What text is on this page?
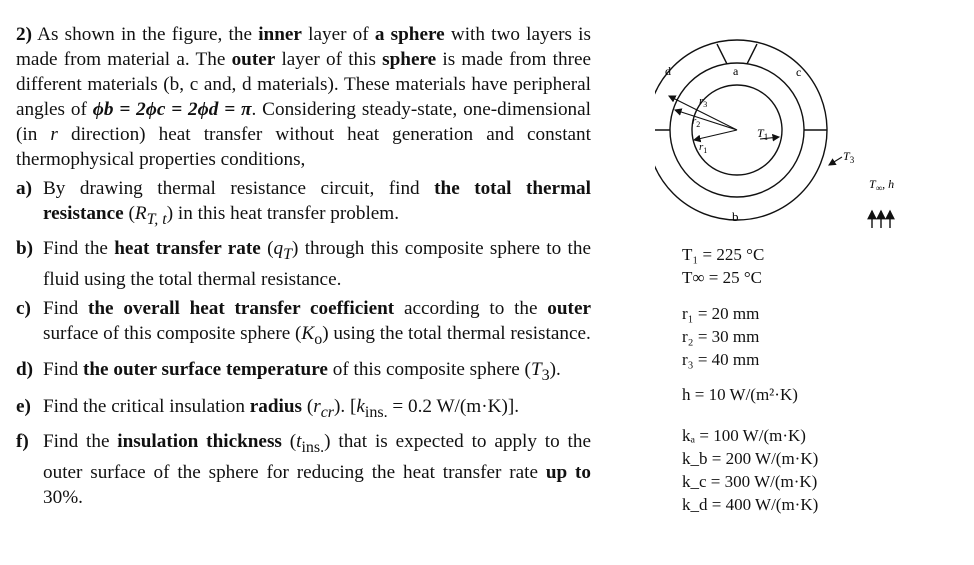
2) As shown in the figure, the inner layer of a sphere with two layers is made from material a. The outer layer of this sphere is made from three different materials (b, c and, d materials). These materials have peripheral angles of ϕb = 2ϕc = 2ϕd = π. Considering steady-state, one-dimensional (in r direction) heat transfer without heat generation and constant thermophysical properties conditions,

a) By drawing thermal resistance circuit, find the total thermal resistance $(R_{T, t})$ in this heat transfer problem.
b) Find the heat transfer rate $(q_T)$ through this composite sphere to the fluid using the total thermal resistance.
c) Find the overall heat transfer coefficient according to the outer surface of this composite sphere $(K_o)$ using the total thermal resistance.
d) Find the outer surface temperature of this composite sphere $(T_3)$.
e) Find the critical insulation radius $(r_{cr})$. [$k_{ins.} = 0.2$ W/(m·K)].
f) Find the insulation thickness $(t_{ins.})$ that is expected to apply to the outer surface of the sphere for reducing the heat transfer rate up to 30%.
a	c
d
b
$r_3$
$r_2$
$r_1$
$T_1$
$T_3$
$T_\infty$, h
T₁ = 225 °C
T∞ = 25 °C
r₁ = 20 mm
r₂ = 30 mm
r₃ = 40 mm
h = 10 W/(m²·K)
kₐ = 100 W/(m·K)
k_b = 200 W/(m·K)
k_c = 300 W/(m·K)
k_d = 400 W/(m·K)
